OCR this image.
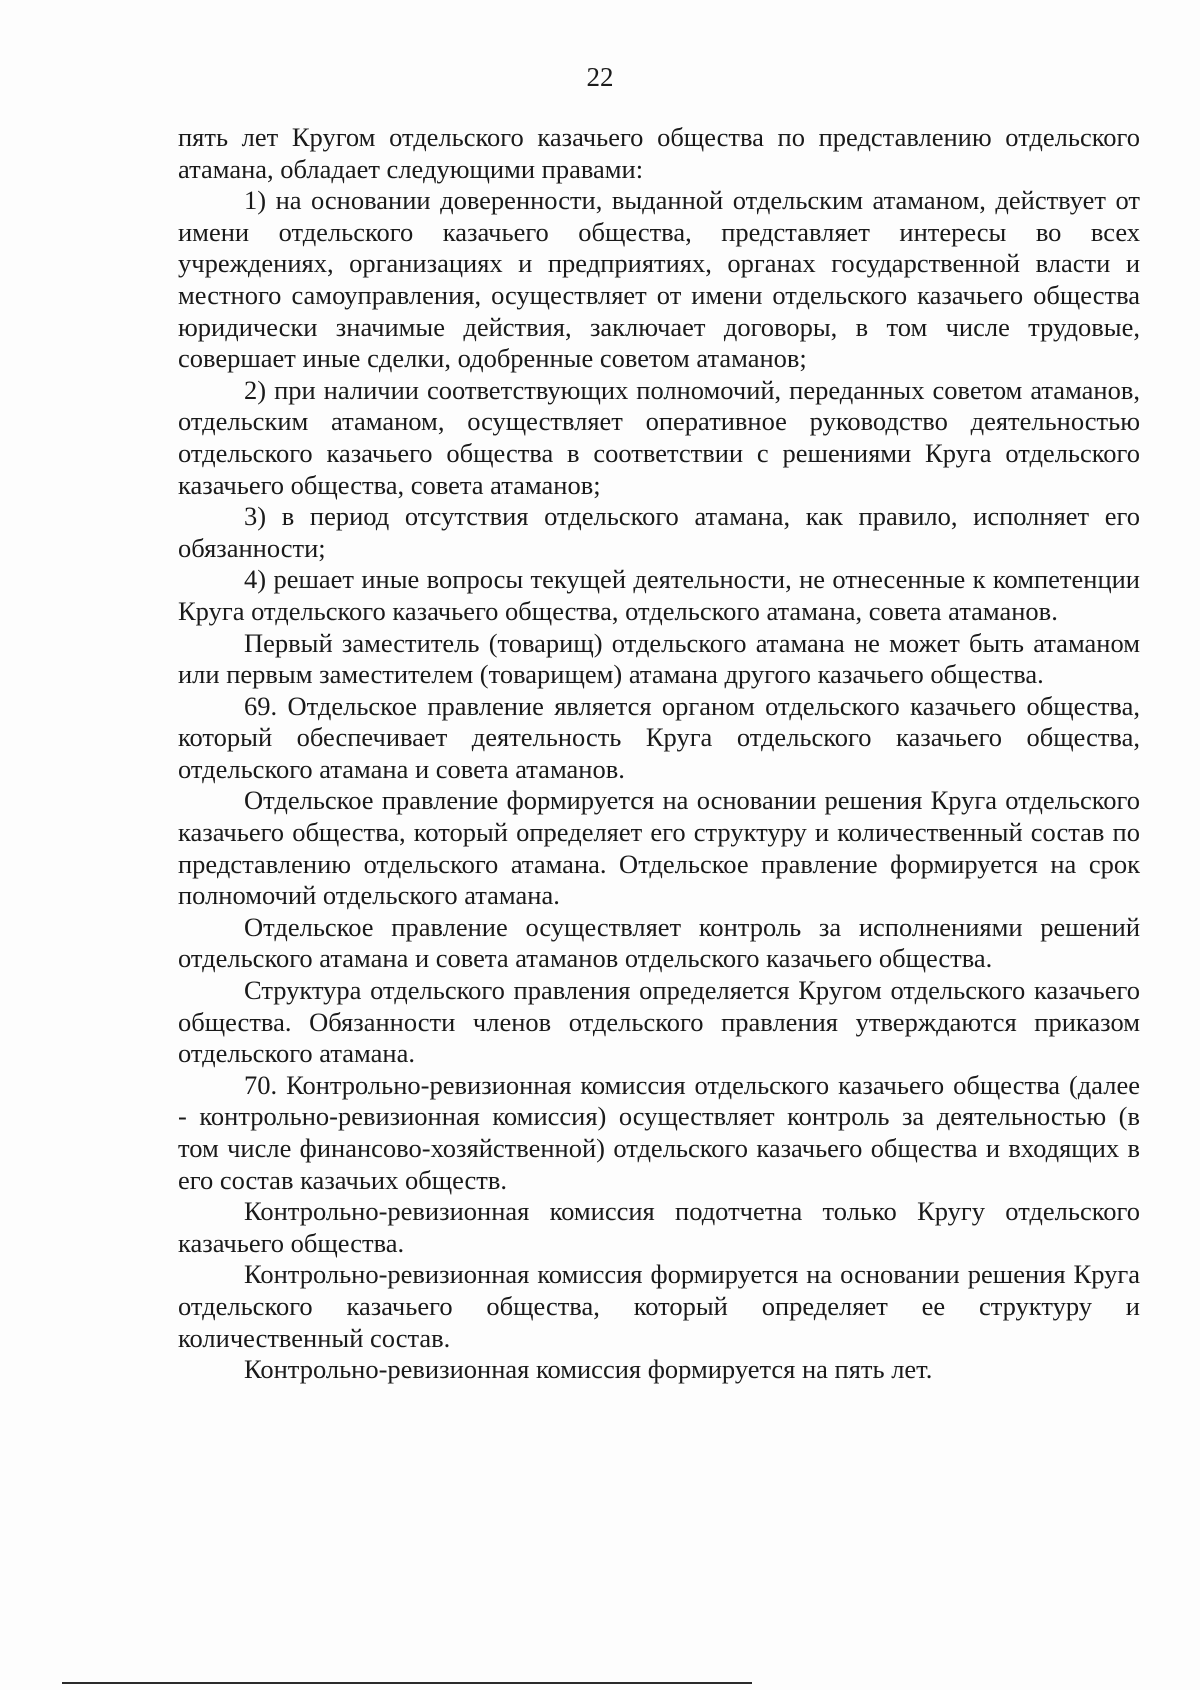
22

пять лет Кругом отдельского казачьего общества по представлению отдельского атамана, обладает следующими правами:

1) на основании доверенности, выданной отдельским атаманом, действует от имени отдельского казачьего общества, представляет интересы во всех учреждениях, организациях и предприятиях, органах государственной власти и местного самоуправления, осуществляет от имени отдельского казачьего общества юридически значимые действия, заключает договоры, в том числе трудовые, совершает иные сделки, одобренные советом атаманов;

2) при наличии соответствующих полномочий, переданных советом атаманов, отдельским атаманом, осуществляет оперативное руководство деятельностью отдельского казачьего общества в соответствии с решениями Круга отдельского казачьего общества, совета атаманов;

3) в период отсутствия отдельского атамана, как правило, исполняет его обязанности;

4) решает иные вопросы текущей деятельности, не отнесенные к компетенции Круга отдельского казачьего общества, отдельского атамана, совета атаманов.

Первый заместитель (товарищ) отдельского атамана не может быть атаманом или первым заместителем (товарищем) атамана другого казачьего общества.

69. Отдельское правление является органом отдельского казачьего общества, который обеспечивает деятельность Круга отдельского казачьего общества, отдельского атамана и совета атаманов.

Отдельское правление формируется на основании решения Круга отдельского казачьего общества, который определяет его структуру и количественный состав по представлению отдельского атамана. Отдельское правление формируется на срок полномочий отдельского атамана.

Отдельское правление осуществляет контроль за исполнениями решений отдельского атамана и совета атаманов отдельского казачьего общества.

Структура отдельского правления определяется Кругом отдельского казачьего общества. Обязанности членов отдельского правления утверждаются приказом отдельского атамана.

70. Контрольно-ревизионная комиссия отдельского казачьего общества (далее - контрольно-ревизионная комиссия) осуществляет контроль за деятельностью (в том числе финансово-хозяйственной) отдельского казачьего общества и входящих в его состав казачьих обществ.

Контрольно-ревизионная комиссия подотчетна только Кругу отдельского казачьего общества.

Контрольно-ревизионная комиссия формируется на основании решения Круга отдельского казачьего общества, который определяет ее структуру и количественный состав.

Контрольно-ревизионная комиссия формируется на пять лет.
